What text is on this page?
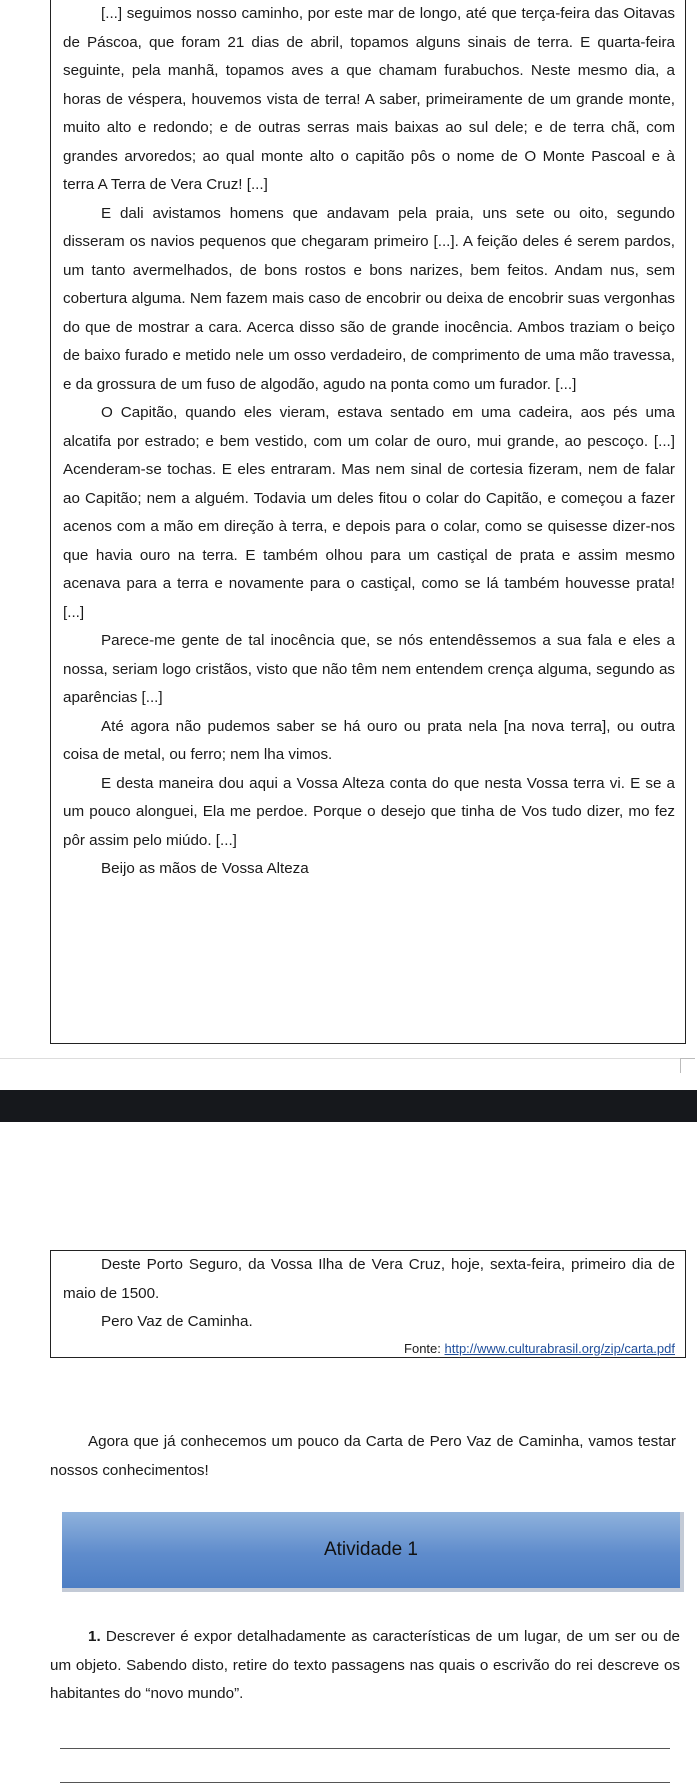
[...] seguimos nosso caminho, por este mar de longo, até que terça-feira das Oitavas de Páscoa, que foram 21 dias de abril, topamos alguns sinais de terra. E quarta-feira seguinte, pela manhã, topamos aves a que chamam furabuchos. Neste mesmo dia, a horas de véspera, houvemos vista de terra! A saber, primeiramente de um grande monte, muito alto e redondo; e de outras serras mais baixas ao sul dele; e de terra chã, com grandes arvoredos; ao qual monte alto o capitão pôs o nome de O Monte Pascoal e à terra A Terra de Vera Cruz! [...]

E dali avistamos homens que andavam pela praia, uns sete ou oito, segundo disseram os navios pequenos que chegaram primeiro [...]. A feição deles é serem pardos, um tanto avermelhados, de bons rostos e bons narizes, bem feitos. Andam nus, sem cobertura alguma. Nem fazem mais caso de encobrir ou deixa de encobrir suas vergonhas do que de mostrar a cara. Acerca disso são de grande inocência. Ambos traziam o beiço de baixo furado e metido nele um osso verdadeiro, de comprimento de uma mão travessa, e da grossura de um fuso de algodão, agudo na ponta como um furador. [...]

O Capitão, quando eles vieram, estava sentado em uma cadeira, aos pés uma alcatifa por estrado; e bem vestido, com um colar de ouro, mui grande, ao pescoço. [...] Acenderam-se tochas. E eles entraram. Mas nem sinal de cortesia fizeram, nem de falar ao Capitão; nem a alguém. Todavia um deles fitou o colar do Capitão, e começou a fazer acenos com a mão em direção à terra, e depois para o colar, como se quisesse dizer-nos que havia ouro na terra. E também olhou para um castiçal de prata e assim mesmo acenava para a terra e novamente para o castiçal, como se lá também houvesse prata! [...]

Parece-me gente de tal inocência que, se nós entendêssemos a sua fala e eles a nossa, seriam logo cristãos, visto que não têm nem entendem crença alguma, segundo as aparências [...]

Até agora não pudemos saber se há ouro ou prata nela [na nova terra], ou outra coisa de metal, ou ferro; nem lha vimos.

E desta maneira dou aqui a Vossa Alteza conta do que nesta Vossa terra vi. E se a um pouco alonguei, Ela me perdoe. Porque o desejo que tinha de Vos tudo dizer, mo fez pôr assim pelo miúdo. [...]

Beijo as mãos de Vossa Alteza

Deste Porto Seguro, da Vossa Ilha de Vera Cruz, hoje, sexta-feira, primeiro dia de maio de 1500.

Pero Vaz de Caminha.

Fonte: http://www.culturabrasil.org/zip/carta.pdf

Agora que já conhecemos um pouco da Carta de Pero Vaz de Caminha, vamos testar nossos conhecimentos!

Atividade 1

1. Descrever é expor detalhadamente as características de um lugar, de um ser ou de um objeto. Sabendo disto, retire do texto passagens nas quais o escrivão do rei descreve os habitantes do “novo mundo”.
